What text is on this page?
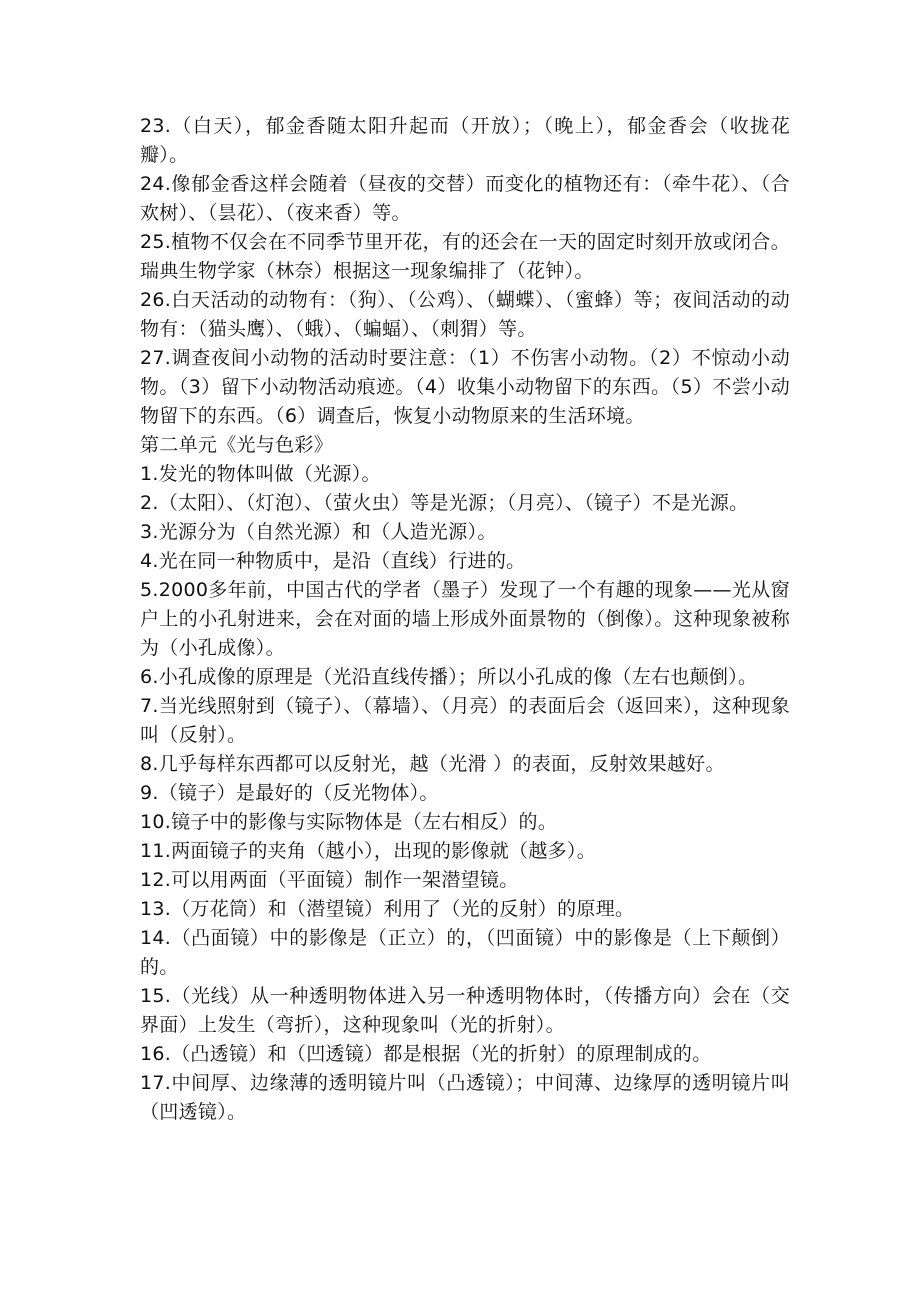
23.（白天），郁金香随太阳升起而（开放）；（晚上），郁金香会（收拢花瓣）。

24.像郁金香这样会随着（昼夜的交替）而变化的植物还有：（牵牛花）、（合欢树）、（昙花）、（夜来香）等。

25.植物不仅会在不同季节里开花，有的还会在一天的固定时刻开放或闭合。瑞典生物学家（林奈）根据这一现象编排了（花钟）。

26.白天活动的动物有：（狗）、（公鸡）、（蝴蝶）、（蜜蜂）等；夜间活动的动物有：（猫头鹰）、（蛾）、（蝙蝠）、（刺猬）等。

27.调查夜间小动物的活动时要注意：（1）不伤害小动物。（2）不惊动小动物。（3）留下小动物活动痕迹。（4）收集小动物留下的东西。（5）不尝小动物留下的东西。（6）调查后，恢复小动物原来的生活环境。

第二单元《光与色彩》

1.发光的物体叫做（光源）。

2.（太阳）、（灯泡）、（萤火虫）等是光源；（月亮）、（镜子）不是光源。

3.光源分为（自然光源）和（人造光源）。

4.光在同一种物质中，是沿（直线）行进的。

5.2000多年前，中国古代的学者（墨子）发现了一个有趣的现象——光从窗户上的小孔射进来，会在对面的墙上形成外面景物的（倒像）。这种现象被称为（小孔成像）。

6.小孔成像的原理是（光沿直线传播）；所以小孔成的像（左右也颠倒）。

7.当光线照射到（镜子）、（幕墙）、（月亮）的表面后会（返回来），这种现象叫（反射）。

8.几乎每样东西都可以反射光，越（光滑 ）的表面，反射效果越好。

9.（镜子）是最好的（反光物体）。

10.镜子中的影像与实际物体是（左右相反）的。

11.两面镜子的夹角（越小），出现的影像就（越多）。

12.可以用两面（平面镜）制作一架潜望镜。

13.（万花筒）和（潜望镜）利用了（光的反射）的原理。

14.（凸面镜）中的影像是（正立）的，（凹面镜）中的影像是（上下颠倒）的。

15.（光线）从一种透明物体进入另一种透明物体时，（传播方向）会在（交界面）上发生（弯折），这种现象叫（光的折射）。

16.（凸透镜）和（凹透镜）都是根据（光的折射）的原理制成的。

17.中间厚、边缘薄的透明镜片叫（凸透镜）；中间薄、边缘厚的透明镜片叫（凹透镜）。
